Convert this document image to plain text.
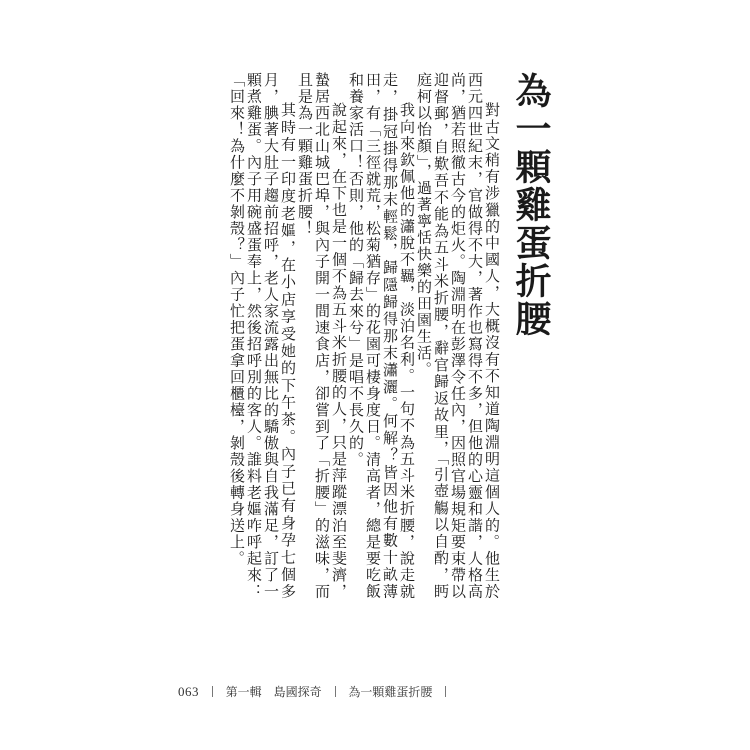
為一顆雞蛋折腰

對古文稍有涉獵的中國人，大概沒有不知道陶淵明這個人的。他生於西元四世紀末，官做得不大，著作也寫得不多，但他的心靈和諧，人格高尚，猶若照徹古今的炬火。陶淵明在彭澤令任內，因照官場規矩要束帶以迎督郵，自歎吾不能為五斗米折腰，辭官歸返故里，「引壺觴以自酌，眄庭柯以怡顏」，過著寧恬快樂的田園生活。

我向來欽佩他的瀟脫不羈，淡泊名利。一句不為五斗米折腰，說走就走，掛冠掛得那末輕鬆，歸隱歸得那末瀟灑。何解？皆因他有數十畝薄田，有「三徑就荒，松菊猶存」的花園可棲身度日。清高者，總是要吃飯和養家活口！否則，他的「歸去來兮」是唱不長久的。

說起來，在下也是一個不為五斗米折腰的人，只是萍蹤漂泊至斐濟，蟄居西北山城巴埠，與內子開一間速食店，卻嘗到了「折腰」的滋味，而且是為一顆雞蛋折腰！

其時有一印度老嫗，在小店享受她的下午茶。內子已有身孕七個多月，腆著大肚子趨前招呼，老人家流露出無比的驕傲與自我滿足，訂了一顆煮雞蛋。內子用碗盛蛋奉上，然後招呼別的客人。誰料老嫗咋呼起來：「回來！為什麼不剝殼？」內子忙把蛋拿回櫃檯，剝殼後轉身送上。

063 第一輯　島國探奇 為一顆雞蛋折腰
